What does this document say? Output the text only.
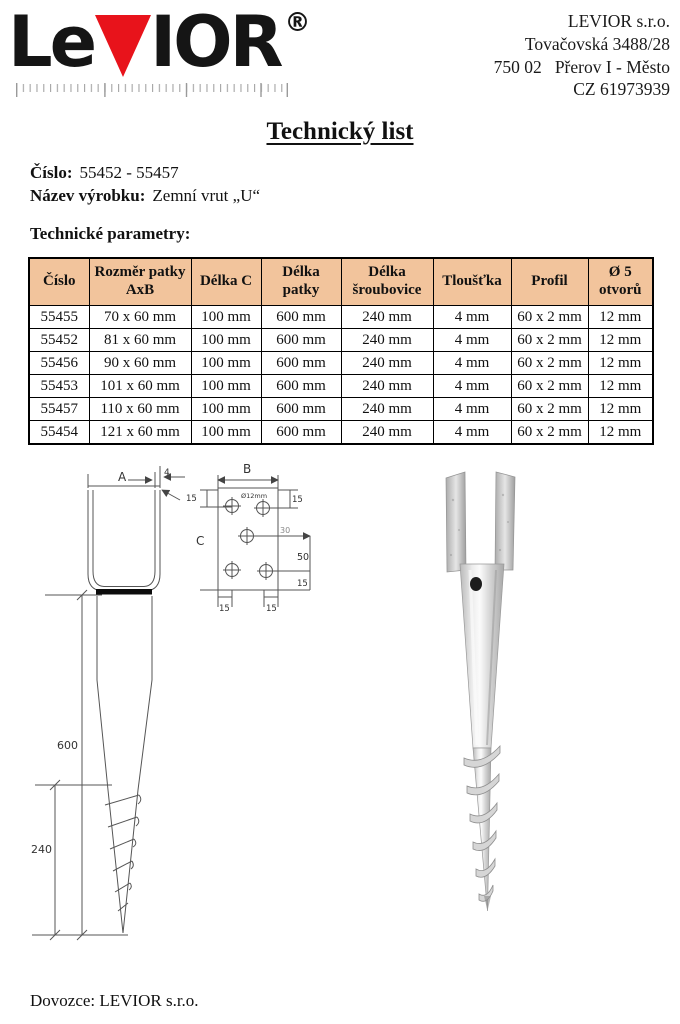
Le IOR ®	LEVIOR s.r.o.
Tovačovská 3488/28
750 02   Přerov I - Město
CZ 61973939
Technický list
Číslo: 55452 - 55457
Název výrobku: Zemní vrut „U“
Technické parametry:
Číslo	Rozměr patky AxB	Délka C	Délka patky	Délka šroubovice	Tloušťka	Profil	Ø 5 otvorů
55455	70 x 60 mm	100 mm	600 mm	240 mm	4 mm	60 x 2 mm	12 mm
55452	81 x 60 mm	100 mm	600 mm	240 mm	4 mm	60 x 2 mm	12 mm
55456	90 x 60 mm	100 mm	600 mm	240 mm	4 mm	60 x 2 mm	12 mm
55453	101 x 60 mm	100 mm	600 mm	240 mm	4 mm	60 x 2 mm	12 mm
55457	110 x 60 mm	100 mm	600 mm	240 mm	4 mm	60 x 2 mm	12 mm
55454	121 x 60 mm	100 mm	600 mm	240 mm	4 mm	60 x 2 mm	12 mm
A	4	B
C
15	15
Ø12mm
30
50
15
15	15
600
240
Dovozce: LEVIOR s.r.o.
